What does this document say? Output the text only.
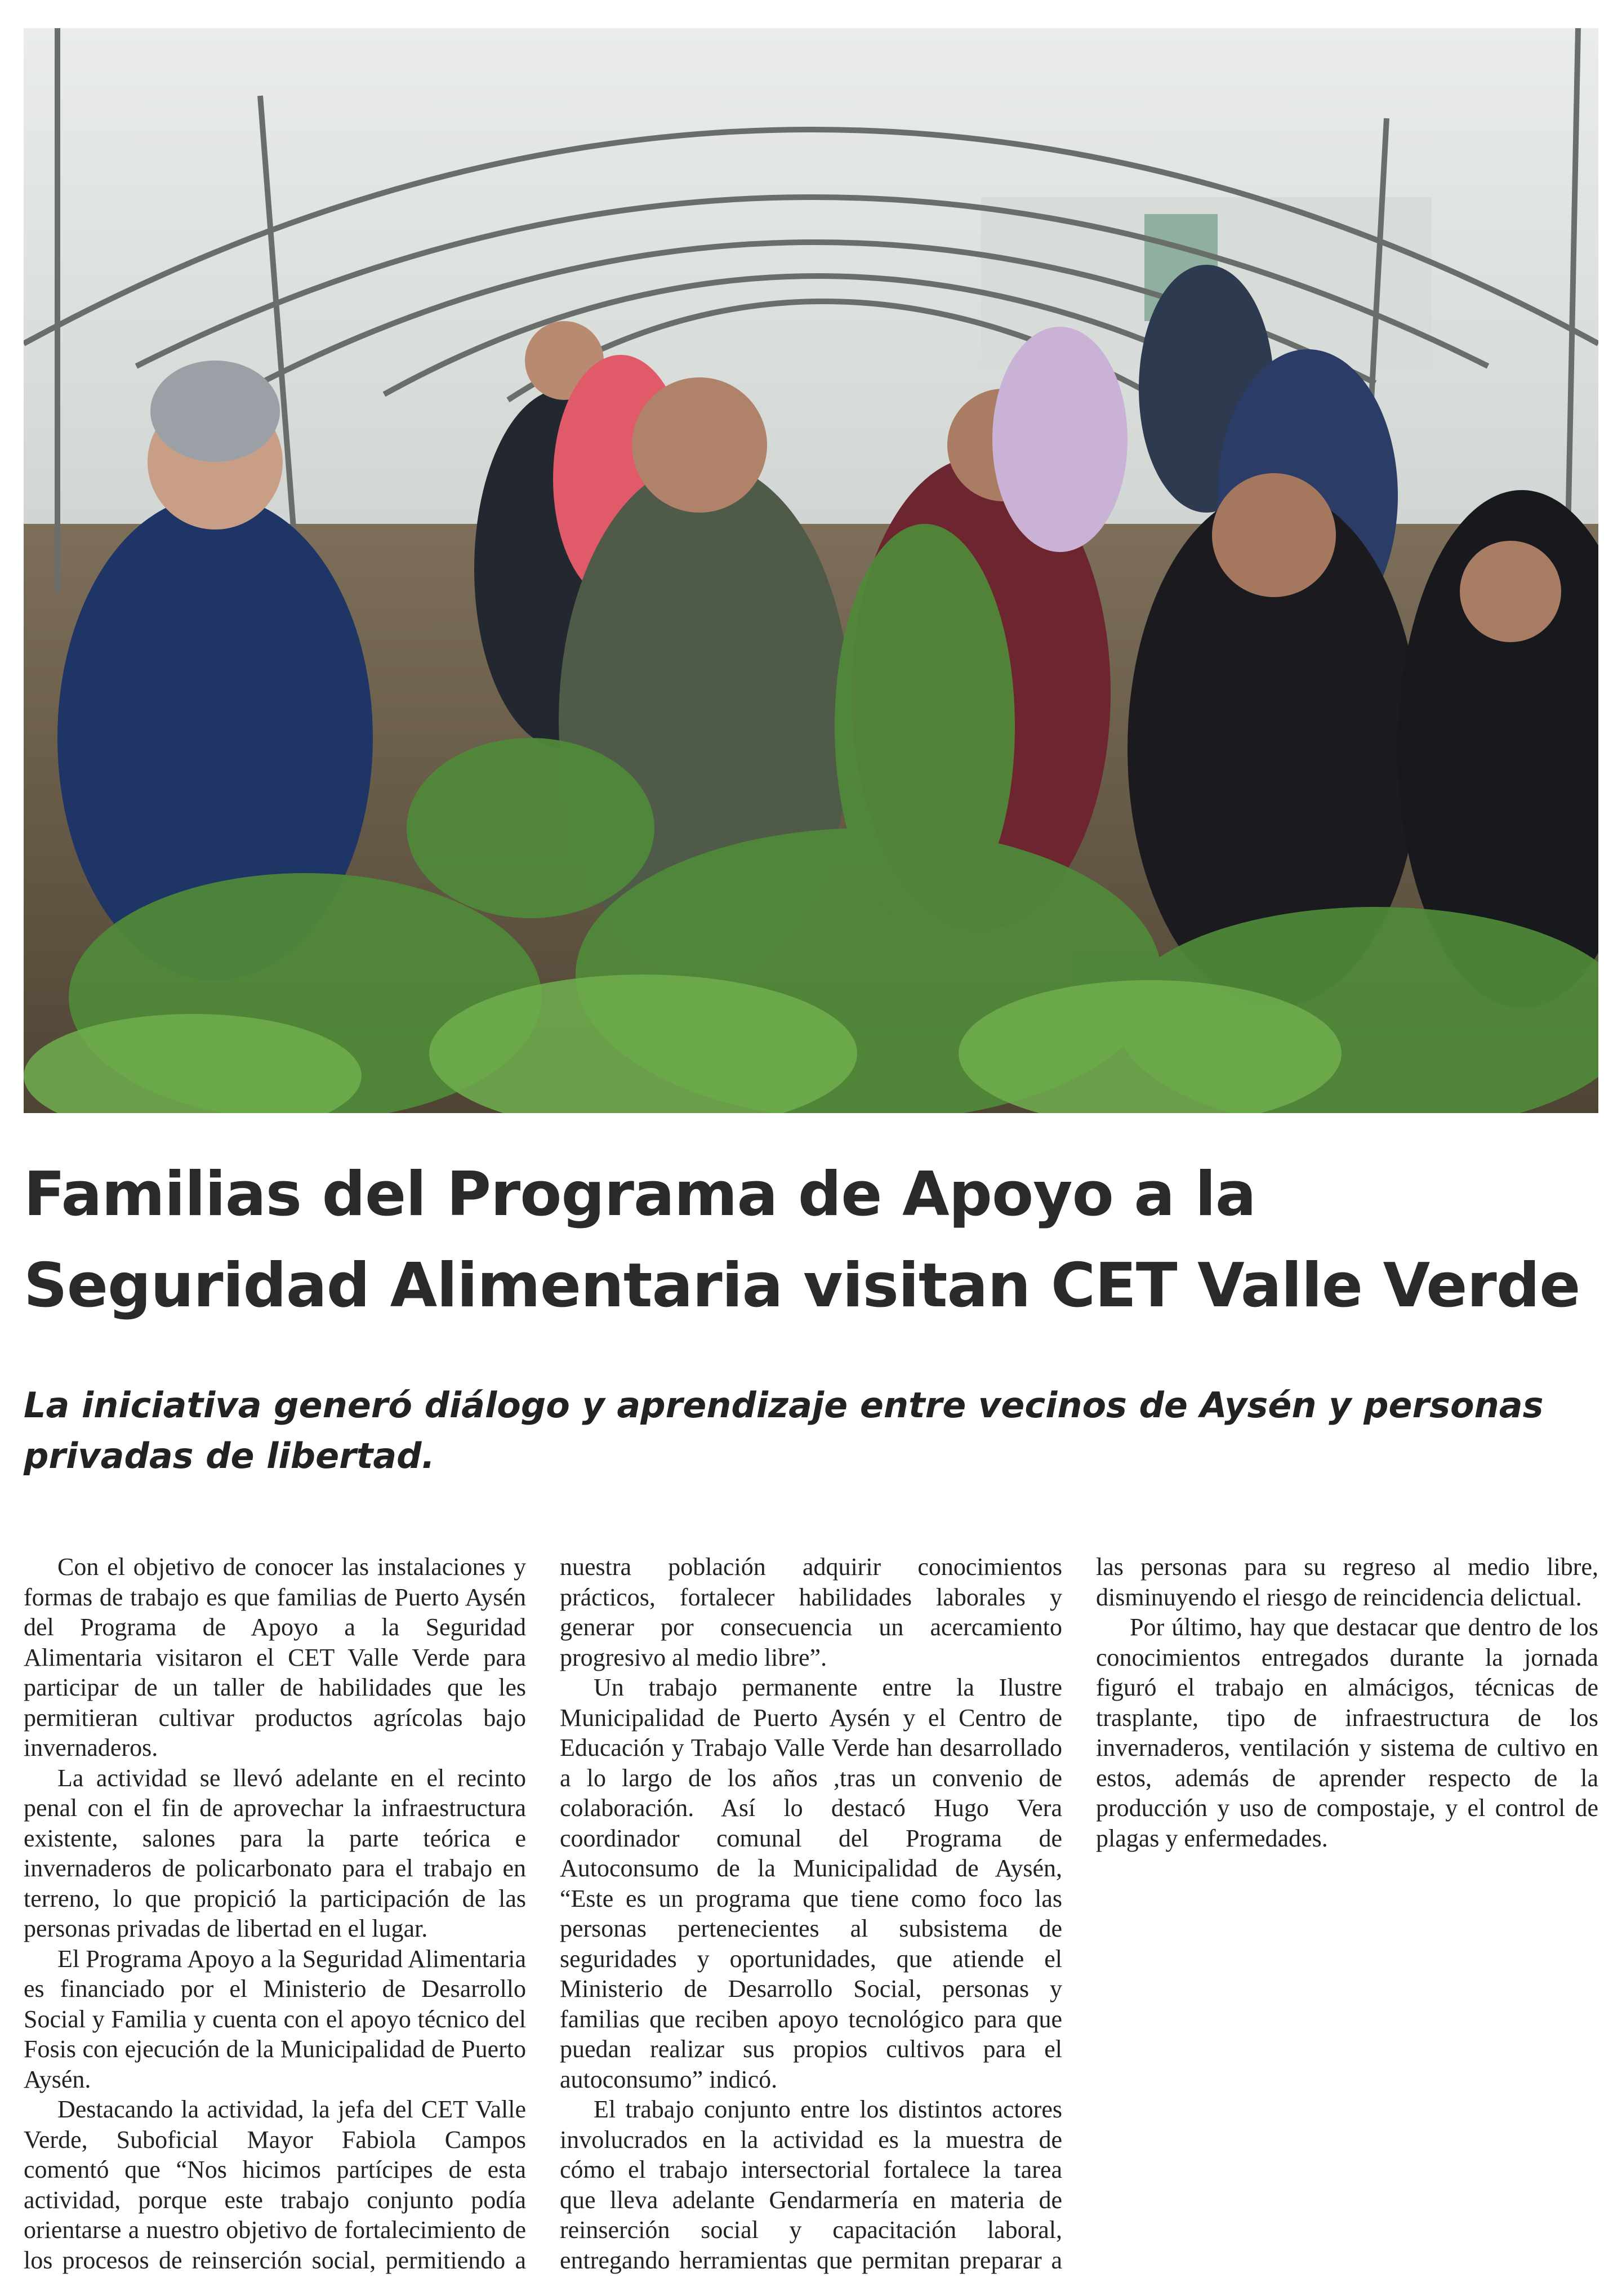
Familias del Programa de Apoyo a la Seguridad Alimentaria visitan CET Valle Verde
La iniciativa generó diálogo y aprendizaje entre vecinos de Aysén y personas privadas de libertad.

Con el objetivo de conocer las instalaciones y formas de trabajo es que familias de Puerto Aysén del Programa de Apoyo a la Seguridad Alimentaria visitaron el CET Valle Verde para participar de un taller de habilidades que les permitieran cultivar productos agrícolas bajo invernaderos.

La actividad se llevó adelante en el recinto penal con el fin de aprovechar la infraestructura existente, salones para la parte teórica e invernaderos de policarbonato para el trabajo en terreno, lo que propició la participación de las personas privadas de libertad en el lugar.

El Programa Apoyo a la Seguridad Alimentaria es financiado por el Ministerio de Desarrollo Social y Familia y cuenta con el apoyo técnico del Fosis con ejecución de la Municipalidad de Puerto Aysén.

Destacando la actividad, la jefa del CET Valle Verde, Suboficial Mayor Fabiola Campos comentó que “Nos hicimos partícipes de esta actividad, porque este trabajo conjunto podía orientarse a nuestro objetivo de fortalecimiento de los procesos de reinserción social, permitiendo a nuestra población adquirir conocimientos prácticos, fortalecer habilidades laborales y generar por consecuencia un acercamiento progresivo al medio libre”.

Un trabajo permanente entre la Ilustre Municipalidad de Puerto Aysén y el Centro de Educación y Trabajo Valle Verde han desarrollado a lo largo de los años ,tras un convenio de colaboración. Así lo destacó Hugo Vera coordinador comunal del Programa de Autoconsumo de la Municipalidad de Aysén, “Este es un programa que tiene como foco las personas pertenecientes al subsistema de seguridades y oportunidades, que atiende el Ministerio de Desarrollo Social, personas y familias que reciben apoyo tecnológico para que puedan realizar sus propios cultivos para el autoconsumo” indicó.

El trabajo conjunto entre los distintos actores involucrados en la actividad es la muestra de cómo el trabajo intersectorial fortalece la tarea que lleva adelante Gendarmería en materia de reinserción social y capacitación laboral, entregando herramientas que permitan preparar a las personas para su regreso al medio libre, disminuyendo el riesgo de reincidencia delictual.

Por último, hay que destacar que dentro de los conocimientos entregados durante la jornada figuró el trabajo en almácigos, técnicas de trasplante, tipo de infraestructura de los invernaderos, ventilación y sistema de cultivo en estos, además de aprender respecto de la producción y uso de compostaje, y el control de plagas y enfermedades.
